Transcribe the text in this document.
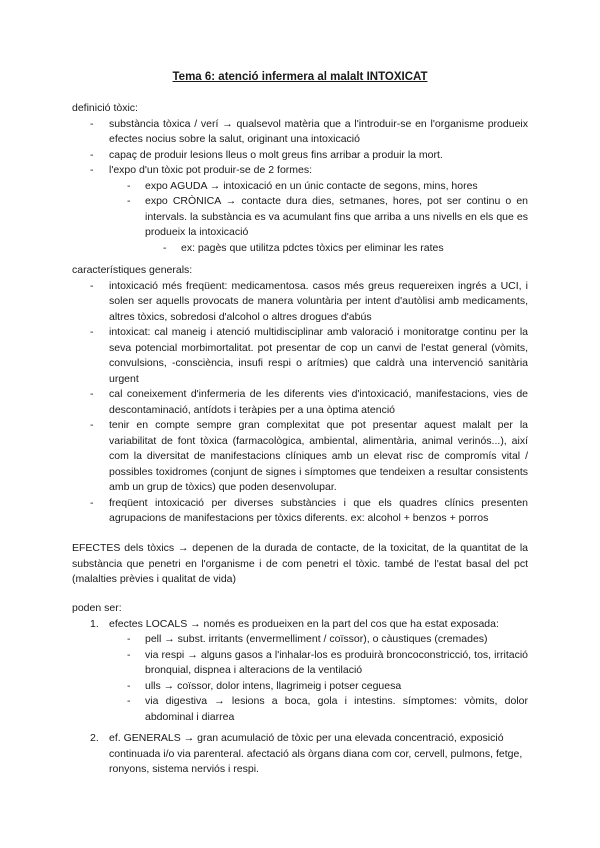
Tema 6: atenció infermera al malalt INTOXICAT
definició tòxic:
- substància tòxica / verí → qualsevol matèria que a l'introduir-se en l'organisme produeix efectes nocius sobre la salut, originant una intoxicació
- capaç de produir lesions lleus o molt greus fins arribar a produir la mort.
- l'expo d'un tòxic pot produir-se de 2 formes:
- expo AGUDA → intoxicació en un únic contacte de segons, mins, hores
- expo CRÒNICA → contacte dura dies, setmanes, hores, pot ser continu o en intervals. la substància es va acumulant fins que arriba a uns nivells en els que es produeix la intoxicació
- ex: pagès que utilitza pdctes tòxics per eliminar les rates
característiques generals:
- intoxicació més freqüent: medicamentosa. casos més greus requereixen ingrés a UCI, i solen ser aquells provocats de manera voluntària per intent d'autòlisi amb medicaments, altres tòxics, sobredosi d'alcohol o altres drogues d'abús
- intoxicat: cal maneig i atenció multidisciplinar amb valoració i monitoratge continu per la seva potencial morbimortalitat. pot presentar de cop un canvi de l'estat general (vòmits, convulsions, -consciència, insufi respi o arítmies) que caldrà una intervenció sanitària urgent
- cal coneixement d'infermeria de les diferents vies d'intoxicació, manifestacions, vies de descontaminació, antídots i teràpies per a una òptima atenció
- tenir en compte sempre gran complexitat que pot presentar aquest malalt per la variabilitat de font tòxica (farmacològica, ambiental, alimentària, animal verinós...), així com la diversitat de manifestacions clíniques amb un elevat risc de compromís vital / possibles toxidromes (conjunt de signes i símptomes que tendeixen a resultar consistents amb un grup de tòxics) que poden desenvolupar.
- freqüent intoxicació per diverses substàncies i que els quadres clínics presenten agrupacions de manifestacions per tòxics diferents. ex: alcohol + benzos + porros
EFECTES dels tòxics → depenen de la durada de contacte, de la toxicitat, de la quantitat de la substància que penetri en l'organisme i de com penetri el tòxic. també de l'estat basal del pct (malalties prèvies i qualitat de vida)
poden ser:
1. efectes LOCALS → només es produeixen en la part del cos que ha estat exposada:
- pell → subst. irritants (envermelliment / coïssor), o càustiques (cremades)
- via respi → alguns gasos a l'inhalar-los es produirà broncoconstricció, tos, irritació bronquial, dispnea i alteracions de la ventilació
- ulls → coïssor, dolor intens, llagrimeig i potser ceguesa
- via digestiva → lesions a boca, gola i intestins. símptomes: vòmits, dolor abdominal i diarrea
2. ef. GENERALS → gran acumulació de tòxic per una elevada concentració, exposició continuada i/o via parenteral. afectació als òrgans diana com cor, cervell, pulmons, fetge, ronyons, sistema nerviós i respi.
